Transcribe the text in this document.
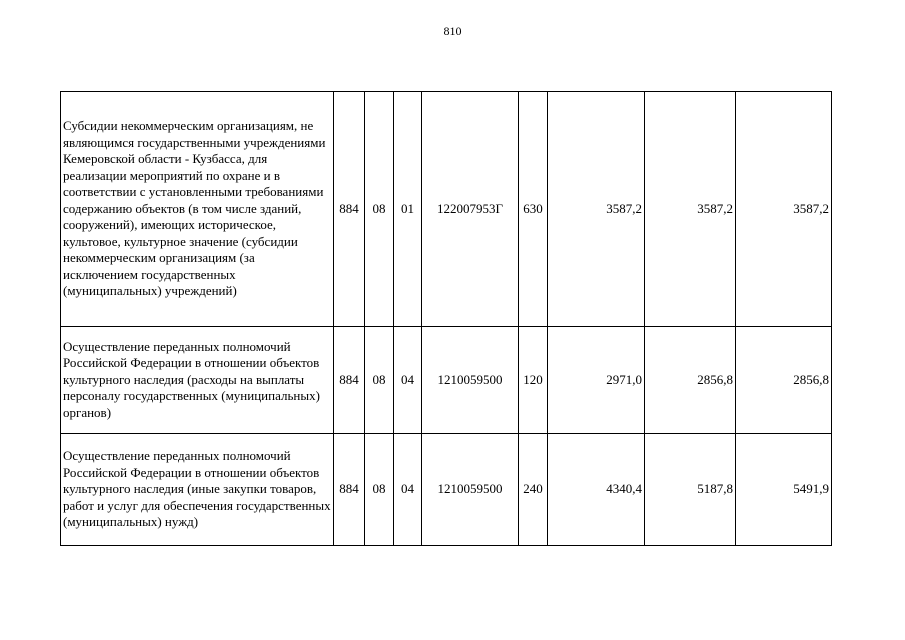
810
Субсидии некоммерческим организациям, не являющимся государственными учреждениями Кемеровской области - Кузбасса, для реализации мероприятий по охране и в соответствии с установленными требованиями содержанию объектов (в том числе зданий, сооружений), имеющих историческое, культовое, культурное значение (субсидии некоммерческим организациям (за исключением государственных (муниципальных) учреждений)	884	08	01	122007953Г	630	3587,2	3587,2	3587,2
Осуществление переданных полномочий Российской Федерации в отношении объектов культурного наследия (расходы на выплаты персоналу государственных (муниципальных) органов)	884	08	04	1210059500	120	2971,0	2856,8	2856,8
Осуществление переданных полномочий Российской Федерации в отношении объектов культурного наследия (иные закупки товаров, работ и услуг для обеспечения государственных (муниципальных) нужд)	884	08	04	1210059500	240	4340,4	5187,8	5491,9
